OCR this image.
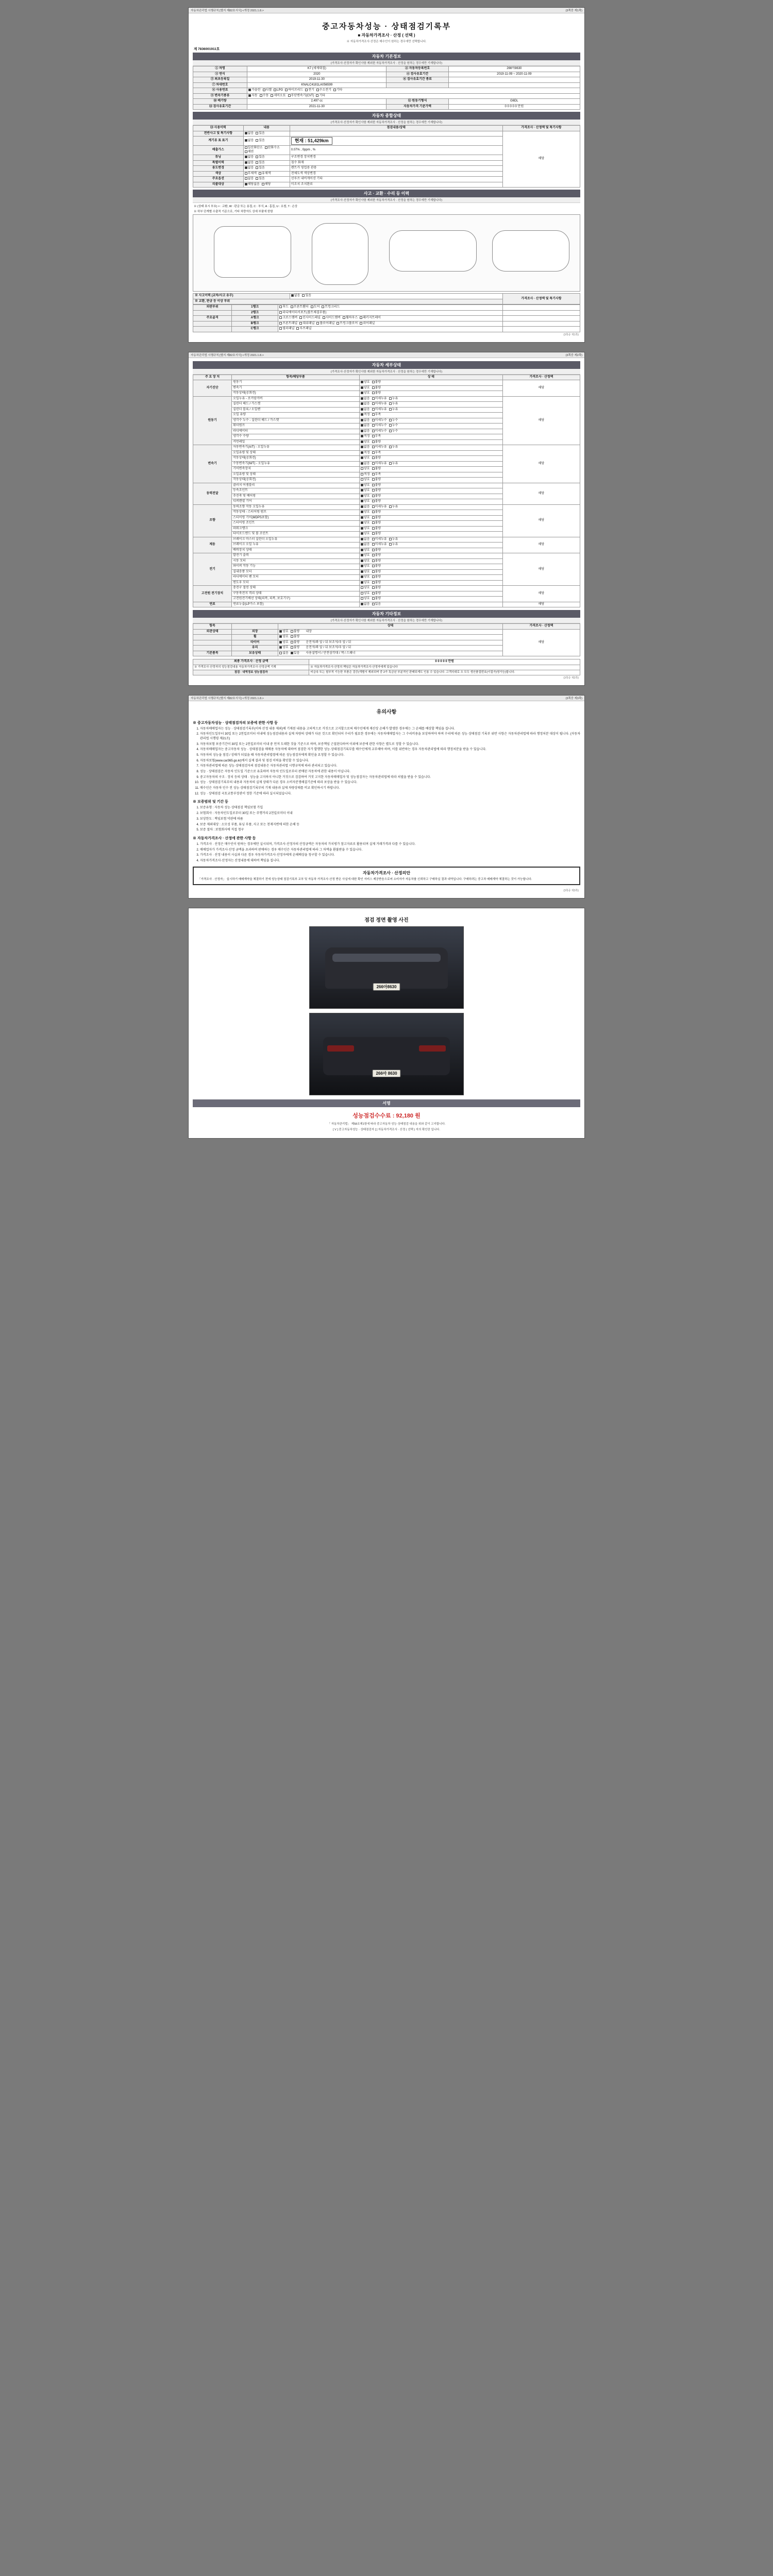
자동차관리법 시행규칙 [별지 제82호서식] <개정 2021.1.8.>	(3쪽중 제1쪽)
중고자동차성능 · 상태점검기록부
■ 자동차가격조사 · 산정 ( 선택 )
※ 자동차가격조사·산정은 매수인이 원하는 경우에만 선택합니다.
제 7836001911호
자동차 기본정보
(가격조사·산정자가 확인사항 제외한 자동차가격조사 · 산정을 원하는 경우에만 기재합니다)
① 차명	K7 (세제대접)	② 자동차등록번호	266아8630
③ 연식	2020	④ 검사유효기간	2019-11-09 ~ 2020-11-09
⑤ 최초등록일	2019-11-30	⑥ 검사유효기간 종료	
⑦ 차대번호	KNALC4181LA056599		
⑧ 사용연료	가솔린 디젤 LPG 하이브리드 전기 수소전기 기타		
⑨ 변속기종류	자동 수동 세미오토 무단변속기(CVT) 기타		
⑩ 배기량	2,497 cc	⑪ 원동기형식	G6DL
⑫ 검사유효기간	2021-11-30	자동차가격 기준가액	0 0 0 0 0 만원
자동차 종합상태
(가격조사·산정자가 확인사항 제외한 자동차가격조사 · 산정을 원하는 경우에만 기재합니다)
⑬ 사용이력	내용	점검내용/상태	가격조사 · 산정액 및 특기사항
전반사고 및 특기사항	없음 있음		해당
계기류 표 표기	없음 있음	현재 : 51,429km	
배출가스	일산화탄소 탄화수소매연	0.07% , 0ppm , %	
튜닝	없음 있음	구조변경 장치변경	
특별이력	없음 있음	침수 화재	
용도변경	없음 있음	렌트카 영업용 관용	
색상	무채색 유채색	전체도색 색상변경	
주요옵션	없음 있음	선루프 내비게이션 기타	
리콜대상	해당없음 해당	미조치 조치완료	
사고 · 교환 · 수리 등 이력
(가격조사·산정자가 확인사항 제외한 자동차가격조사 · 산정을 원하는 경우에만 기재합니다)
※ (상태 표시 부호) × : 교환, W : 판금 또는 용접, C : 부식, A : 흠집, U : 요철, T : 손상
※ 하부 단계별 수출적 기준으로, 기타 차량자도 상세 부품에 한함
※ 사고이력 (교차/사고 유무)	없음 있음	가격조사 · 산정액 및 특기사항
※ 교환, 판금 등 이상 부위
외판부위	1랭크	후드 프론트휀더 도어 트렁크리드	
	2랭크	라디에이터서포트(볼트체결부품)	
주요골격	A랭크	크로스멤버 인사이드패널 사이드멤버 휠하우스 패키지트레이	
	B랭크	프론트패널 대쉬패널 플로어패널 트렁크플로어 리어패널	
	C랭크	필러패널 루프패널	
(3쪽중 제1쪽)
자동차관리법 시행규칙 [별지 제82호서식] <개정 2021.1.8.>	(3쪽중 제2쪽)
자동차 세부상태
(가격조사·산정자가 확인사항 제외한 자동차가격조사 · 산정을 원하는 경우에만 기재합니다)
주 요 장 치	항목/해당부품	상 태	가격조사 · 산정액
자기진단	원동기	양호 불량	해당
	변속기	양호 불량	
	작동상태(공회전)	양호 불량	
원동기	오일누유 - 로커암커버	없음 미세누유 누유	해당
	실린더 헤드 / 가스켓	없음 미세누유 누유	
	실린더 블록 / 오일팬	없음 미세누유 누유	
	오일 유량	적정 부족	
	냉각수 누수 - 실린더 헤드 / 가스켓	없음 미세누수 누수	
	워터펌프	없음 미세누수 누수	
	라디에이터	없음 미세누수 누수	
	냉각수 수량	적정 부족	
	커먼레일	양호 불량	
변속기	자동변속기(A/T) - 오일누유	없음 미세누유 누유	해당
	오일유량 및 상태	적정 부족	
	작동상태(공회전)	양호 불량	
	수동변속기(M/T) - 오일누유	없음 미세누유 누유	
	기어변속장치	양호 불량	
	오일유량 및 상태	적정 부족	
	작동상태(공회전)	양호 불량	
동력전달	클러치 어셈블리	양호 불량	해당
	등속조인트	양호 불량	
	추진축 및 베어링	양호 불량	
	디퍼렌셜 기어	양호 불량	
조향	동력조향 작동 오일누유	없음 미세누유 누유	해당
	작동상태 - 스티어링 펌프	양호 불량	
	스티어링 기어(MDPS포함)	양호 불량	
	스티어링 조인트	양호 불량	
	파워크랭크	양호 불량	
	타이로드엔드 및 볼 조인트	양호 불량	
제동	브레이크 마스터 실린더 오일누유	없음 미세누유 누유	해당
	브레이크 오일 누유	없음 미세누유 누유	
	배력장치 상태	양호 불량	
전기	발전기 출력	양호 불량	해당
	시동 모터	양호 불량	
	와이퍼 작동 기능	양호 불량	
	실내송풍 모터	양호 불량	
	라디에이터 팬 모터	양호 불량	
	윈도우 모터	양호 불량	
고전원 전기장치	충전구 절연 상태	양호 불량	해당
	구동축전지 격리 상태	양호 불량	
	고전원전기배선 상태(피복, 피복, 보호기구)	양호 불량	
연료	연료누출(LP가스 포함)	없음 있음	해당
자동차 기타정보
(가격조사·산정자가 확인사항 제외한 자동차가격조사 · 산정을 원하는 경우에만 기재합니다)
항목		상태	가격조사 · 산정액
외관상태	외장	양호 불량 내장	해당
	휠	양호 불량	
	타이어	양호 불량 운전석/좌 앞 / 뒤 보조석/우 앞 / 뒤	
	유리	양호 불량 운전석/좌 앞 / 뒤 보조석/우 앞 / 뒤	
기본품목	보유상태	없음 있음 사용설명서 / 안전삼각대 / 잭 / 스패너	
최종 가격조사 · 산정 금액	0 0 0 0 0 만원
※ 가격조사·산정자의 성능점검내용 자동차가격조사·산정금액 기재	※ 자동차가격조사·산정의 책임은 자동차가격조사·산정자에게 있습니다
점검 · 내역정보 성능점검자	비금속 또는 철부적 기능한 부품은 검증(개별서 제외되며 중 2가 특금년 부분적인 판매되게도 인용 수 있습니다. 고객의대로 오 모두 생산품질번호(이질가)영가능)합니다.
(3쪽중 제2쪽)
자동차관리법 시행규칙 [별지 제82호서식] <개정 2021.1.8.>	(3쪽중 제3쪽)
유의사항
※ 중고자동차성능 · 상태점검자의 보증에 관한 사항 등
1. 자동차매매업자는 성능 · 상태점검기록부(이하 산정 내용 제외)에 기재된 내용을 고의적으로 거짓으로 고지할으로써 매수인에게 재산상 손해가 발생한 경우에는 그 손해를 배상할 책임을 집니다.
2. 자동차인도일부터 30일 또는 2천킬로미터 이내에 성능점검내용과 실제 차량의 상태가 다른 것으로 확인되어 수리가 필요한 경우에는 자동차매매업자는 그 수리비용을 보상하여야 하며 수리에 따른 성능·상태점검 기록부 위반 사항은 자동차관리법에 따라 행정처분 대상이 됩니다. (자동차관리법 시행령 제21조)
3. 자동차보험 보증기간이 30일 또는 2천킬로미터 이내 중 먼저 도래한 것을 기준으로 하며, 보증책임 근절된다하여 이외에 보증에 관한 사항은 별도로 정할 수 있습니다.
4. 자동차매매업자는 중고자동차 성능 · 상태점검을 매매용 자동차에 대하여 점검한 자가 발행한 성능·상태점검기록부를 매수인에게 교부해야 하며, 이를 위반하는 경우 자동차관리법에 따라 행정처분을 받을 수 있습니다.
5. 자동차의 성능을 점검 / 상태가 되었을 때 자동차관리법령에 따른 성능점검자에게 확인을 요청할 수 있습니다.
6. 자동차보험(www.car365.go.kr)에서 실제 결과 및 점검 이력을 확인할 수 있습니다.
7. 자동차관리법에 따른 성능·상태점검자의 점검내용은 자동차관리법 시행규칙에 따라 관리되고 있습니다.
8. 성능 · 상태점검은 자동차 인도일 기준으로 유효하며 자동차 인도일로부터 판매된 자동차에 관한 내용이 아닙니다.
9. 중고자동차의 구조 · 장치 등의 상태 · 성능을 고지하지 아니한 거짓으로 검검하여 거짓 고지한 자동차매매업자 및 성능점검자는 자동차관리법에 따라 처벌을 받을 수 있습니다.
10. 성능 · 상태점검기록부의 내용과 자동차의 실제 상태가 다른 경우 소비자분쟁해결기준에 따라 보상을 받을 수 있습니다.
11. 매수인은 자동차 인수 전 성능·상태점검기록부의 기재 내용과 실제 차량상태를 비교 확인하시기 바랍니다.
12. 성능 · 상태점검 국토교통부장관이 정한 기준에 따라 실시되었습니다.
※ 보증범위 및 기간 등
1. 보증유형 : 자동차 성능·상태점검 책임보험 가입
2. 보험회사 : 자동차인도일로부터 30일 또는 주행거리 2천킬로미터 이내
3. 보상한도 : 책임보험 약관에 따름
4. 보증 제외대상 : 소모성 부품, 튜닝 부품, 사고 또는 천재지변에 의한 손해 등
5. 보증 절차 : 보험회사에 직접 청구
※ 자동차가격조사 · 산정에 관한 사항 등
1. 가격조사 · 산정은 매수인이 원하는 경우에만 실시되며, 가격조사·산정자의 산정금액은 자동차의 가치평가 참고자료로 활용되며 실제 거래가격과 다를 수 있습니다.
2. 매매업자가 가격조사·산정 금액을 초과하여 판매하는 경우 매수인은 자동차관리법에 따라 그 차액을 환불받을 수 있습니다.
3. 가격조사 · 산정 내용이 사실과 다른 경우 자동차가격조사·산정자에게 손해배상을 청구할 수 있습니다.
4. 자동차가격조사·산정자는 산정내용에 대하여 책임을 집니다.
자동차가격조사 · 산정의안
「가격조사 · 산정자」 실시하기 매매계약을 체결하기 전에 성능상태 점검기록부 교부 및 자동차 가격조사·산정 받은 사실에 대한 확인 서비스 제공받음으로써 소비자가 자동차를 신뢰하고 구매하실 결과 내역입니다. 구매하려는 중고차 매매계약 체결하는 것이 가능합니다.
(3쪽중 제3쪽)
점검 정면 촬영 사진
266아8630
266아 8630
서명
성능점검수수료 : 92,180 원
「 자동차관리법」 제58조제1항에 따라 중고자동차 성능·상태점검 내용을 위와 같이 고지합니다.
[ V ] 중고자동차성능 · 상태점검자 [ ] 자동차가격조사 · 산정 ( 선택 ) 자의 확인란 입니다.
